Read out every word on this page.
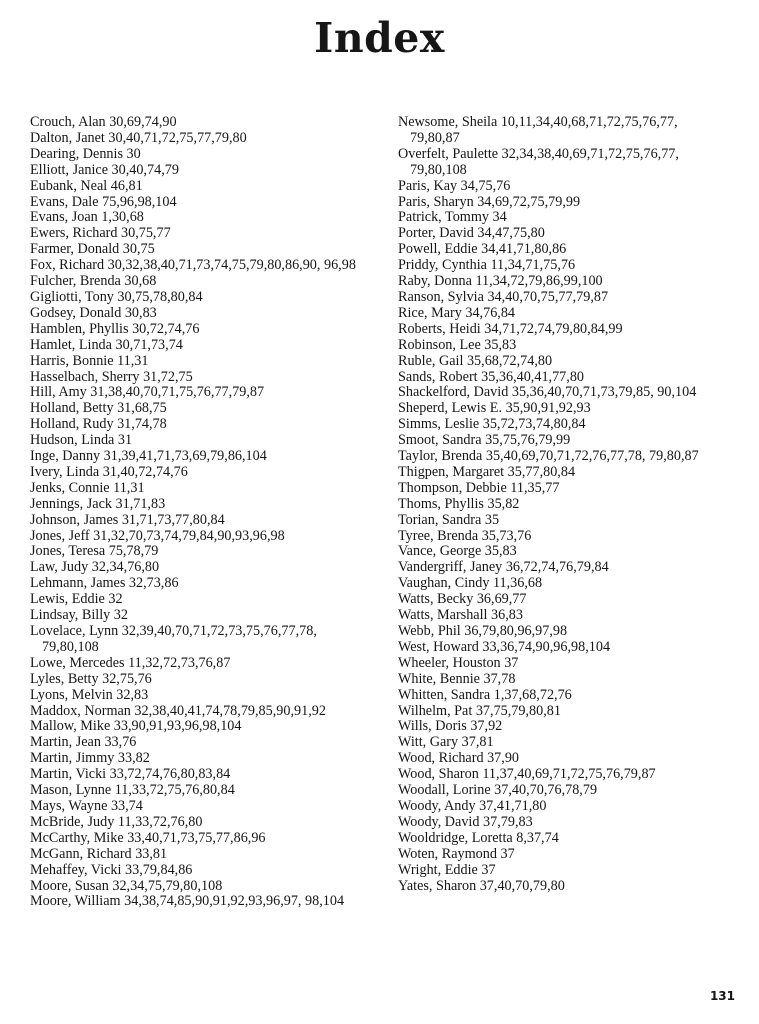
Index
Crouch, Alan 30,69,74,90
Dalton, Janet 30,40,71,72,75,77,79,80
Dearing, Dennis 30
Elliott, Janice 30,40,74,79
Eubank, Neal 46,81
Evans, Dale 75,96,98,104
Evans, Joan 1,30,68
Ewers, Richard 30,75,77
Farmer, Donald 30,75
Fox, Richard 30,32,38,40,71,73,74,75,79,80,86,90, 96,98
Fulcher, Brenda 30,68
Gigliotti, Tony 30,75,78,80,84
Godsey, Donald 30,83
Hamblen, Phyllis 30,72,74,76
Hamlet, Linda 30,71,73,74
Harris, Bonnie 11,31
Hasselbach, Sherry 31,72,75
Hill, Amy 31,38,40,70,71,75,76,77,79,87
Holland, Betty 31,68,75
Holland, Rudy 31,74,78
Hudson, Linda 31
Inge, Danny 31,39,41,71,73,69,79,86,104
Ivery, Linda 31,40,72,74,76
Jenks, Connie 11,31
Jennings, Jack 31,71,83
Johnson, James 31,71,73,77,80,84
Jones, Jeff 31,32,70,73,74,79,84,90,93,96,98
Jones, Teresa 75,78,79
Law, Judy 32,34,76,80
Lehmann, James 32,73,86
Lewis, Eddie 32
Lindsay, Billy 32
Lovelace, Lynn 32,39,40,70,71,72,73,75,76,77,78, 79,80,108
Lowe, Mercedes 11,32,72,73,76,87
Lyles, Betty 32,75,76
Lyons, Melvin 32,83
Maddox, Norman 32,38,40,41,74,78,79,85,90,91,92
Mallow, Mike 33,90,91,93,96,98,104
Martin, Jean 33,76
Martin, Jimmy 33,82
Martin, Vicki 33,72,74,76,80,83,84
Mason, Lynne 11,33,72,75,76,80,84
Mays, Wayne 33,74
McBride, Judy 11,33,72,76,80
McCarthy, Mike 33,40,71,73,75,77,86,96
McGann, Richard 33,81
Mehaffey, Vicki 33,79,84,86
Moore, Susan 32,34,75,79,80,108
Moore, William 34,38,74,85,90,91,92,93,96,97, 98,104
Newsome, Sheila 10,11,34,40,68,71,72,75,76,77, 79,80,87
Overfelt, Paulette 32,34,38,40,69,71,72,75,76,77, 79,80,108
Paris, Kay 34,75,76
Paris, Sharyn 34,69,72,75,79,99
Patrick, Tommy 34
Porter, David 34,47,75,80
Powell, Eddie 34,41,71,80,86
Priddy, Cynthia 11,34,71,75,76
Raby, Donna 11,34,72,79,86,99,100
Ranson, Sylvia 34,40,70,75,77,79,87
Rice, Mary 34,76,84
Roberts, Heidi 34,71,72,74,79,80,84,99
Robinson, Lee 35,83
Ruble, Gail 35,68,72,74,80
Sands, Robert 35,36,40,41,77,80
Shackelford, David 35,36,40,70,71,73,79,85, 90,104
Sheperd, Lewis E. 35,90,91,92,93
Simms, Leslie 35,72,73,74,80,84
Smoot, Sandra 35,75,76,79,99
Taylor, Brenda 35,40,69,70,71,72,76,77,78, 79,80,87
Thigpen, Margaret 35,77,80,84
Thompson, Debbie 11,35,77
Thoms, Phyllis 35,82
Torian, Sandra 35
Tyree, Brenda 35,73,76
Vance, George 35,83
Vandergriff, Janey 36,72,74,76,79,84
Vaughan, Cindy 11,36,68
Watts, Becky 36,69,77
Watts, Marshall 36,83
Webb, Phil 36,79,80,96,97,98
West, Howard 33,36,74,90,96,98,104
Wheeler, Houston 37
White, Bennie 37,78
Whitten, Sandra 1,37,68,72,76
Wilhelm, Pat 37,75,79,80,81
Wills, Doris 37,92
Witt, Gary 37,81
Wood, Richard 37,90
Wood, Sharon 11,37,40,69,71,72,75,76,79,87
Woodall, Lorine 37,40,70,76,78,79
Woody, Andy 37,41,71,80
Woody, David 37,79,83
Wooldridge, Loretta 8,37,74
Woten, Raymond 37
Wright, Eddie 37
Yates, Sharon 37,40,70,79,80
131
